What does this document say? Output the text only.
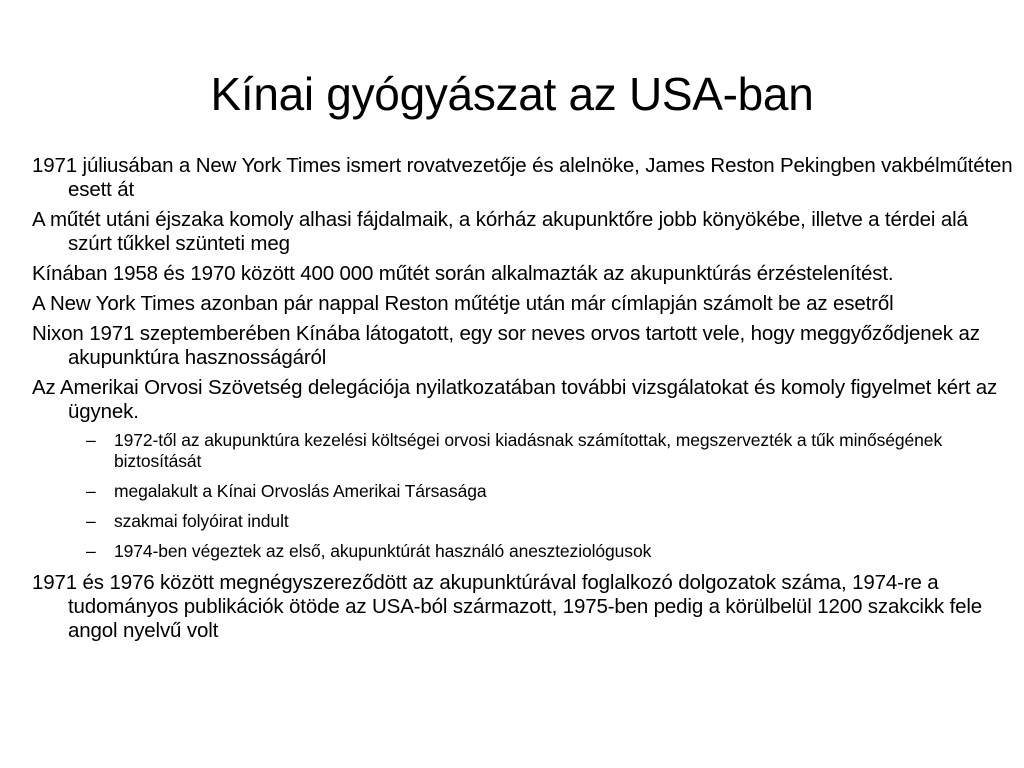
Kínai gyógyászat az USA-ban

1971 júliusában a New York Times ismert rovatvezetője és alelnöke, James Reston Pekingben vakbélműtéten esett át

A műtét utáni éjszaka komoly alhasi fájdalmaik, a kórház akupunktőre jobb könyökébe, illetve a térdei alá szúrt tűkkel szünteti meg

Kínában 1958 és 1970 között 400 000 műtét során alkalmazták az akupunktúrás érzéstelenítést.

A New York Times azonban pár nappal Reston műtétje után már címlapján számolt be az esetről

Nixon 1971 szeptemberében Kínába látogatott, egy sor neves orvos tartott vele, hogy meggyőződjenek az akupunktúra hasznosságáról

Az Amerikai Orvosi Szövetség delegációja nyilatkozatában további vizsgálatokat és komoly figyelmet kért az ügynek.

– 1972-től az akupunktúra kezelési költségei orvosi kiadásnak számítottak, megszervezték a tűk minőségének biztosítását
– megalakult a Kínai Orvoslás Amerikai Társasága
– szakmai folyóirat indult
– 1974-ben végeztek az első, akupunktúrát használó aneszteziológusok

1971 és 1976 között megnégyszereződött az akupunktúrával foglalkozó dolgozatok száma, 1974-re a tudományos publikációk ötöde az USA-ból származott, 1975-ben pedig a körülbelül 1200 szakcikk fele angol nyelvű volt
